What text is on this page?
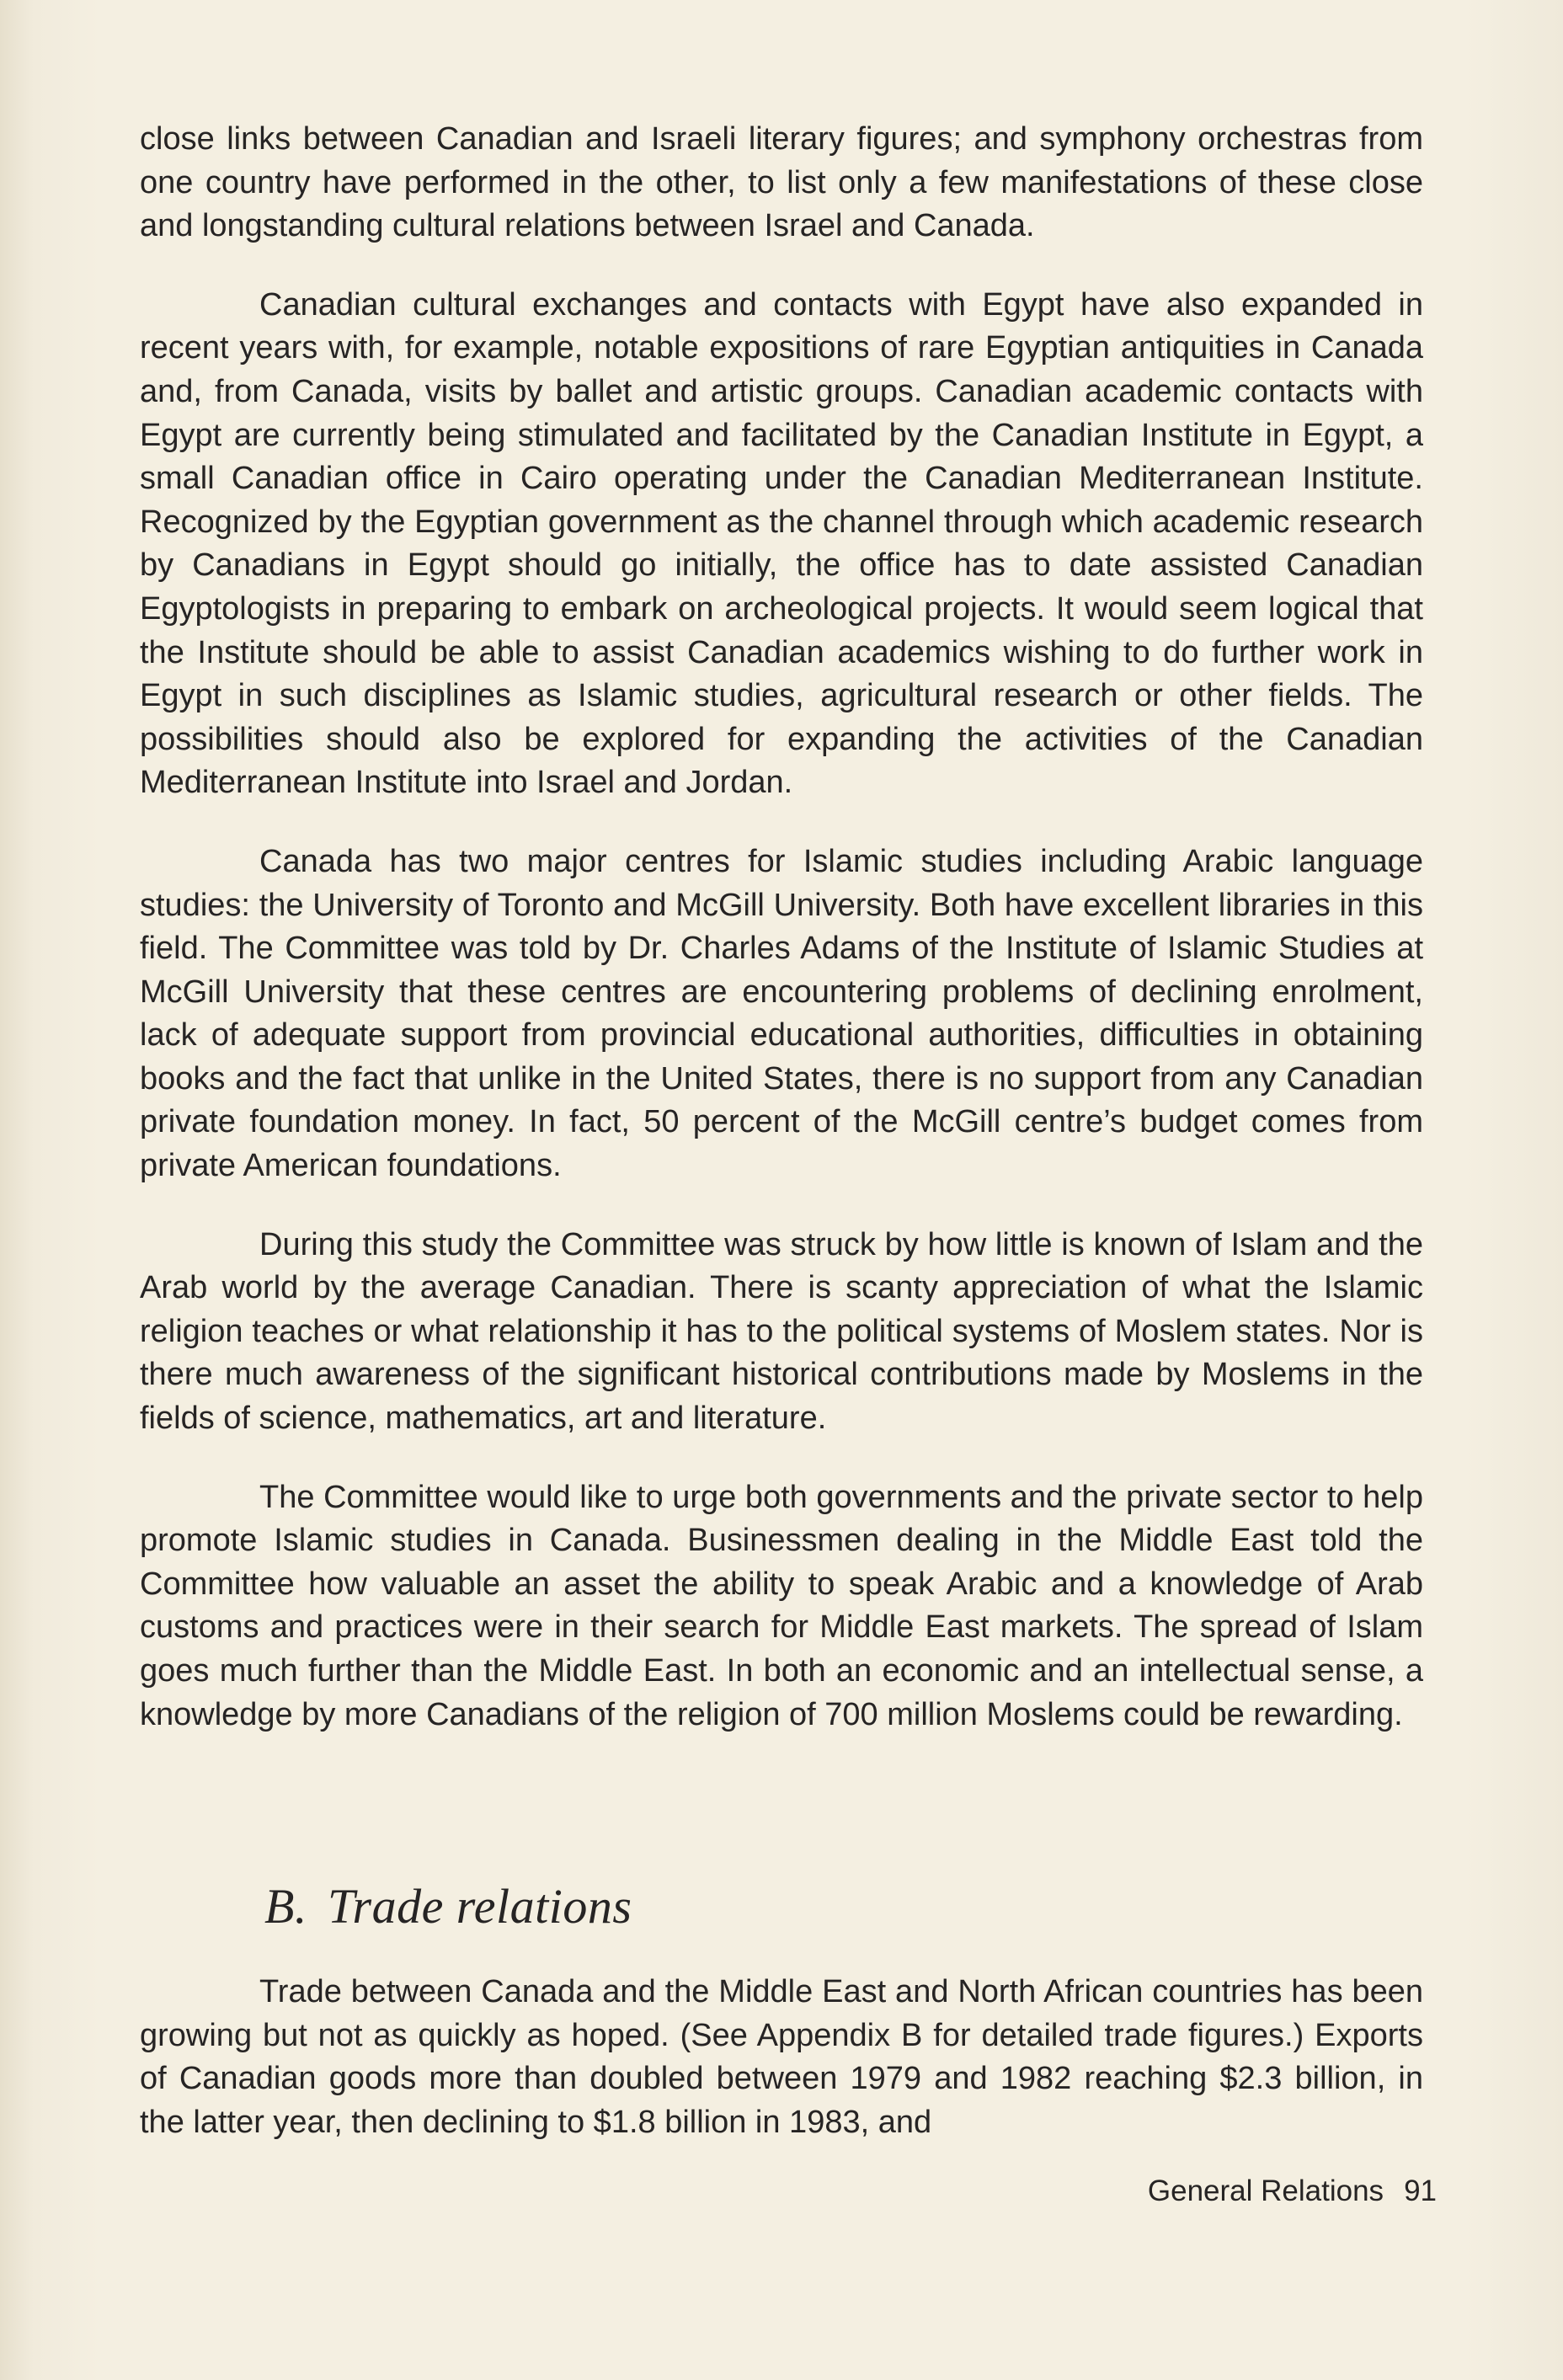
close links between Canadian and Israeli literary figures; and symphony orchestras from one country have performed in the other, to list only a few manifestations of these close and longstanding cultural relations between Israel and Canada.

Canadian cultural exchanges and contacts with Egypt have also expanded in recent years with, for example, notable expositions of rare Egyptian antiquities in Canada and, from Canada, visits by ballet and artistic groups. Canadian academic contacts with Egypt are currently being stimulated and facilitated by the Canadian Institute in Egypt, a small Canadian office in Cairo operating under the Canadian Mediterranean Institute. Recognized by the Egyptian government as the channel through which academic research by Canadians in Egypt should go initially, the office has to date assisted Canadian Egyptologists in preparing to embark on archeological projects. It would seem logical that the Institute should be able to assist Canadian academics wishing to do further work in Egypt in such disciplines as Islamic studies, agricultural research or other fields. The possibilities should also be explored for expanding the activities of the Canadian Mediterranean Institute into Israel and Jordan.

Canada has two major centres for Islamic studies including Arabic language studies: the University of Toronto and McGill University. Both have excellent libraries in this field. The Committee was told by Dr. Charles Adams of the Institute of Islamic Studies at McGill University that these centres are encountering problems of declining enrolment, lack of adequate support from provincial educational authorities, difficulties in obtaining books and the fact that unlike in the United States, there is no support from any Canadian private foundation money. In fact, 50 percent of the McGill centre’s budget comes from private American foundations.

During this study the Committee was struck by how little is known of Islam and the Arab world by the average Canadian. There is scanty appreciation of what the Islamic religion teaches or what relationship it has to the political systems of Moslem states. Nor is there much awareness of the significant historical contributions made by Moslems in the fields of science, mathematics, art and literature.

The Committee would like to urge both governments and the private sector to help promote Islamic studies in Canada. Businessmen dealing in the Middle East told the Committee how valuable an asset the ability to speak Arabic and a knowledge of Arab customs and practices were in their search for Middle East markets. The spread of Islam goes much further than the Middle East. In both an economic and an intellectual sense, a knowledge by more Canadians of the religion of 700 million Moslems could be rewarding.

B. Trade relations

Trade between Canada and the Middle East and North African countries has been growing but not as quickly as hoped. (See Appendix B for detailed trade figures.) Exports of Canadian goods more than doubled between 1979 and 1982 reaching $2.3 billion, in the latter year, then declining to $1.8 billion in 1983, and

General Relations 91
